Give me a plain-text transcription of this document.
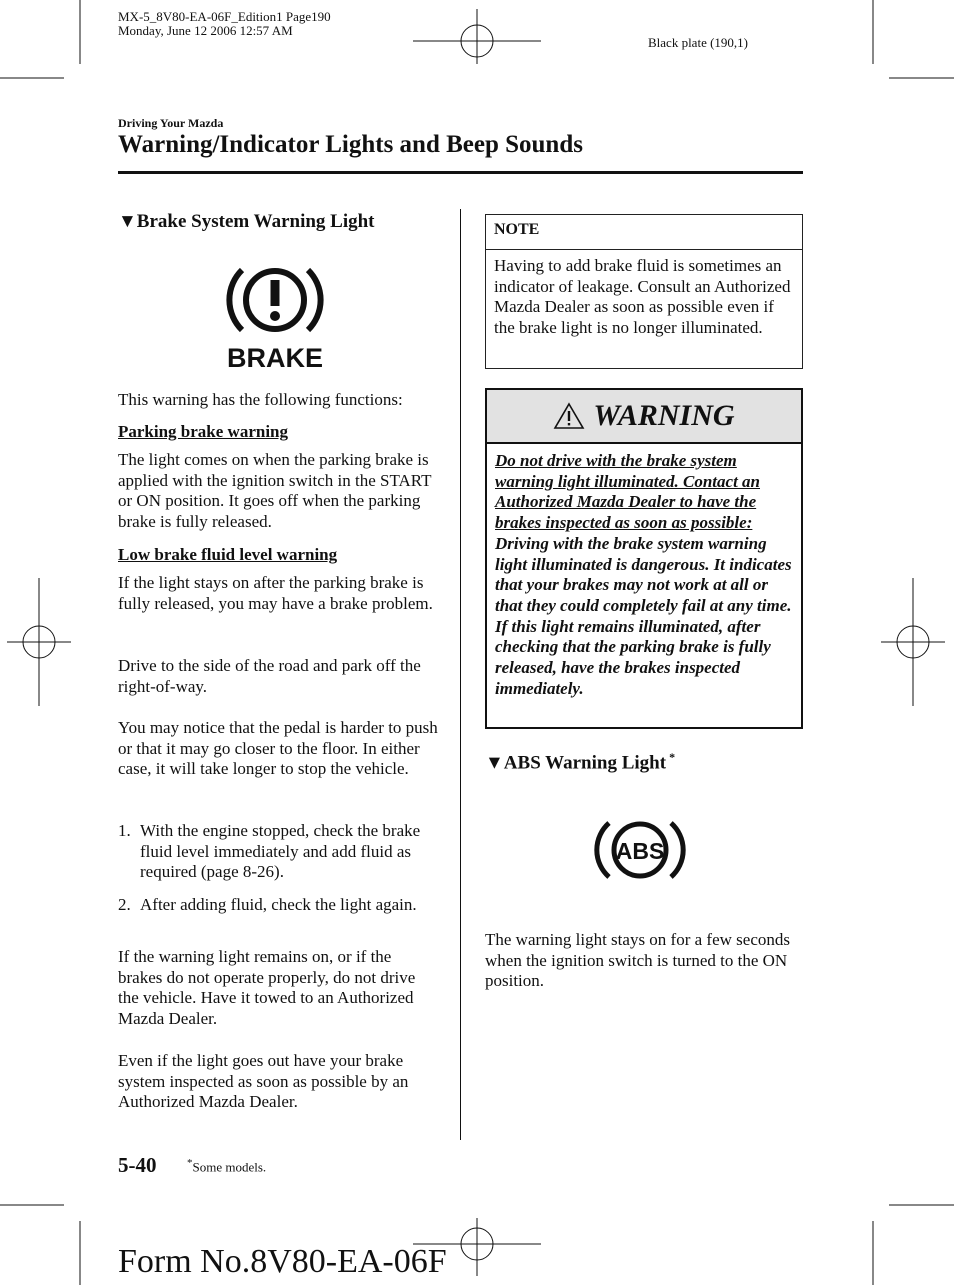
MX-5_8V80-EA-06F_Edition1 Page190
Monday, June 12 2006 12:57 AM
Black plate (190,1)
Driving Your Mazda
Warning/Indicator Lights and Beep Sounds
▼Brake System Warning Light
BRAKE
This warning has the following functions:
Parking brake warning
The light comes on when the parking brake is applied with the ignition switch in the START or ON position. It goes off when the parking brake is fully released.
Low brake fluid level warning
If the light stays on after the parking brake is fully released, you may have a brake problem.
Drive to the side of the road and park off the right-of-way.
You may notice that the pedal is harder to push or that it may go closer to the floor. In either case, it will take longer to stop the vehicle.
1. With the engine stopped, check the brake fluid level immediately and add fluid as required (page 8-26).
2. After adding fluid, check the light again.
If the warning light remains on, or if the brakes do not operate properly, do not drive the vehicle. Have it towed to an Authorized Mazda Dealer.
Even if the light goes out have your brake system inspected as soon as possible by an Authorized Mazda Dealer.
NOTE
Having to add brake fluid is sometimes an indicator of leakage. Consult an Authorized Mazda Dealer as soon as possible even if the brake light is no longer illuminated.
WARNING
Do not drive with the brake system warning light illuminated. Contact an Authorized Mazda Dealer to have the brakes inspected as soon as possible: Driving with the brake system warning light illuminated is dangerous. It indicates that your brakes may not work at all or that they could completely fail at any time. If this light remains illuminated, after checking that the parking brake is fully released, have the brakes inspected immediately.
▼ABS Warning Light *
ABS
The warning light stays on for a few seconds when the ignition switch is turned to the ON position.
5-40	*Some models.
Form No.8V80-EA-06F
